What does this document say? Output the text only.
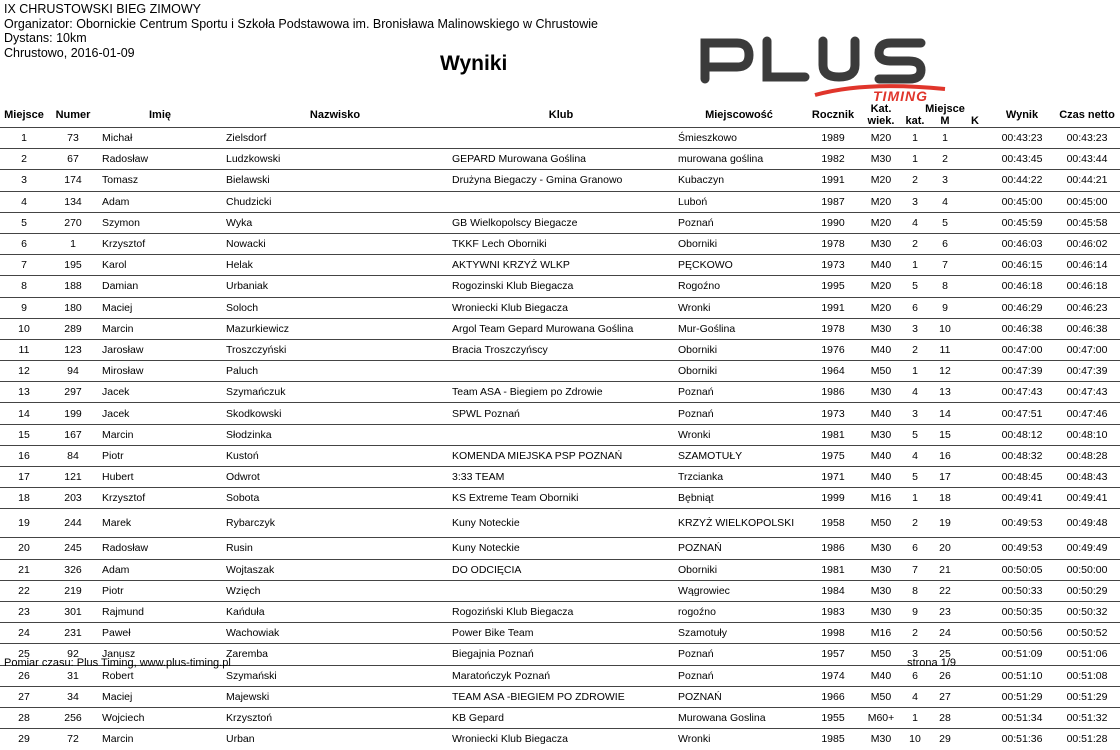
IX CHRUSTOWSKI BIEG ZIMOWY
Organizator: Obornickie Centrum Sportu i Szkoła Podstawowa im. Bronisława Malinowskiego w Chrustowie
Dystans: 10km
Chrustowo, 2016-01-09	Wyniki
TIMING
Miejsce	Numer	Imię	Nazwisko	Klub	Miejscowość	Rocznik	Kat.
wiek.	Miejsce			Wynik	Czas netto
								kat.	M	K		
1	73	Michał	Zielsdorf		Śmieszkowo	1989	M20	1	1		00:43:23	00:43:23
2	67	Radosław	Ludzkowski	GEPARD Murowana Goślina	murowana goślina	1982	M30	1	2		00:43:45	00:43:44
3	174	Tomasz	Bielawski	Drużyna Biegaczy - Gmina Granowo	Kubaczyn	1991	M20	2	3		00:44:22	00:44:21
4	134	Adam	Chudzicki		Luboń	1987	M20	3	4		00:45:00	00:45:00
5	270	Szymon	Wyka	GB Wielkopolscy Biegacze	Poznań	1990	M20	4	5		00:45:59	00:45:58
6	1	Krzysztof	Nowacki	TKKF Lech Oborniki	Oborniki	1978	M30	2	6		00:46:03	00:46:02
7	195	Karol	Helak	AKTYWNI KRZYŻ WLKP	PĘCKOWO	1973	M40	1	7		00:46:15	00:46:14
8	188	Damian	Urbaniak	Rogozinski Klub Biegacza	Rogoźno	1995	M20	5	8		00:46:18	00:46:18
9	180	Maciej	Soloch	Wroniecki Klub Biegacza	Wronki	1991	M20	6	9		00:46:29	00:46:23
10	289	Marcin	Mazurkiewicz	Argol Team Gepard Murowana Goślina	Mur-Goślina	1978	M30	3	10		00:46:38	00:46:38
11	123	Jarosław	Troszczyński	Bracia Troszczyńscy	Oborniki	1976	M40	2	11		00:47:00	00:47:00
12	94	Mirosław	Paluch		Oborniki	1964	M50	1	12		00:47:39	00:47:39
13	297	Jacek	Szymańczuk	Team ASA - Biegiem po Zdrowie	Poznań	1986	M30	4	13		00:47:43	00:47:43
14	199	Jacek	Skodkowski	SPWL Poznań	Poznań	1973	M40	3	14		00:47:51	00:47:46
15	167	Marcin	Słodzinka		Wronki	1981	M30	5	15		00:48:12	00:48:10
16	84	Piotr	Kustoń	KOMENDA MIEJSKA PSP POZNAŃ	SZAMOTUŁY	1975	M40	4	16		00:48:32	00:48:28
17	121	Hubert	Odwrot	3:33 TEAM	Trzcianka	1971	M40	5	17		00:48:45	00:48:43
18	203	Krzysztof	Sobota	KS Extreme Team Oborniki	Bębniąt	1999	M16	1	18		00:49:41	00:49:41
19	244	Marek	Rybarczyk	Kuny Noteckie	KRZYŻ WIELKOPOLSKI	1958	M50	2	19		00:49:53	00:49:48
20	245	Radosław	Rusin	Kuny Noteckie	POZNAŃ	1986	M30	6	20		00:49:53	00:49:49
21	326	Adam	Wojtaszak	DO ODCIĘCIA	Oborniki	1981	M30	7	21		00:50:05	00:50:00
22	219	Piotr	Wzięch		Wągrowiec	1984	M30	8	22		00:50:33	00:50:29
23	301	Rajmund	Kańduła	Rogoziński Klub Biegacza	rogoźno	1983	M30	9	23		00:50:35	00:50:32
24	231	Paweł	Wachowiak	Power Bike Team	Szamotuły	1998	M16	2	24		00:50:56	00:50:52
25	92	Janusz	Zaremba	Biegajnia Poznań	Poznań	1957	M50	3	25		00:51:09	00:51:06
26	31	Robert	Szymański	Maratończyk Poznań	Poznań	1974	M40	6	26		00:51:10	00:51:08
27	34	Maciej	Majewski	TEAM ASA -BIEGIEM PO ZDROWIE	POZNAŃ	1966	M50	4	27		00:51:29	00:51:29
28	256	Wojciech	Krzysztoń	KB Gepard	Murowana Goslina	1955	M60+	1	28		00:51:34	00:51:32
29	72	Marcin	Urban	Wroniecki Klub Biegacza	Wronki	1985	M30	10	29		00:51:36	00:51:28
Pomiar czasu: Plus Timing, www.plus-timing.pl	strona 1/9
